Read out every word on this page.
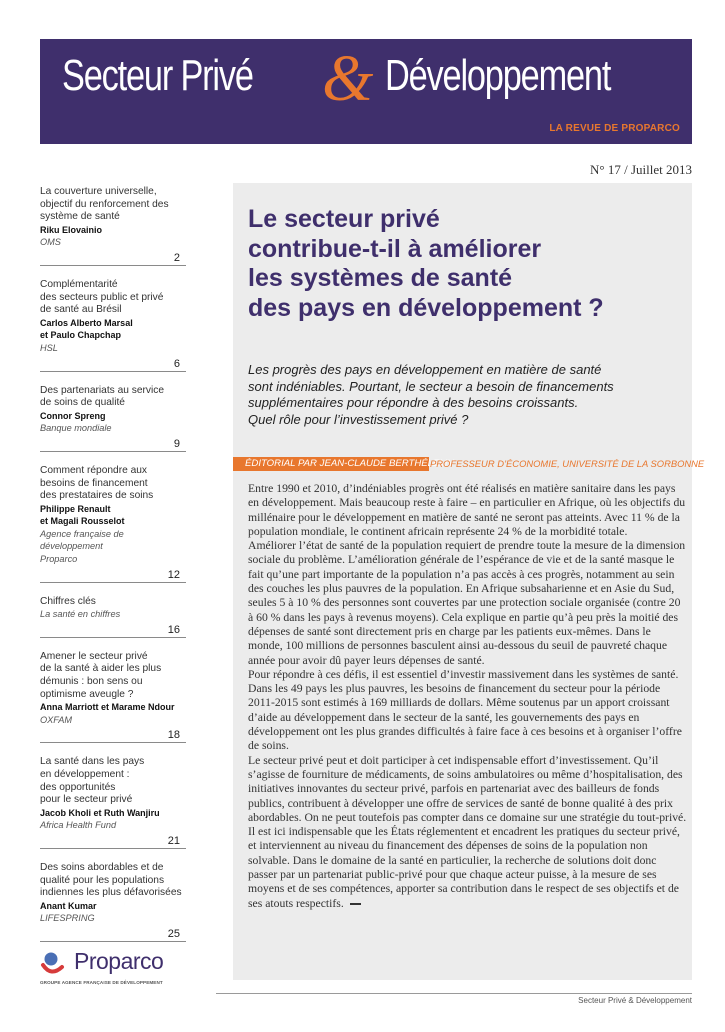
Secteur Privé & Développement
LA REVUE DE PROPARCO
N° 17 / Juillet 2013
La couverture universelle,
objectif du renforcement des
système de santé
Riku Elovainio
OMS
2
Complémentarité
des secteurs public et privé
de santé au Brésil
Carlos Alberto Marsal
et Paulo Chapchap
HSL
6
Des partenariats au service
de soins de qualité
Connor Spreng
Banque mondiale
9
Comment répondre aux
besoins de financement
des prestataires de soins
Philippe Renault
et Magali Rousselot
Agence française de développement
Proparco
12
Chiffres clés
La santé en chiffres
16
Amener le secteur privé
de la santé à aider les plus
démunis : bon sens ou
optimisme aveugle ?
Anna Marriott et Marame Ndour
OXFAM
18
La santé dans les pays
en développement :
des opportunités
pour le secteur privé
Jacob Kholi et Ruth Wanjiru
Africa Health Fund
21
Des soins abordables et de
qualité pour les populations
indiennes les plus défavorisées
Anant Kumar
LIFESPRING
25
Proparco
GROUPE AGENCE FRANÇAISE DE DÉVELOPPEMENT
Le secteur privé
contribue-t-il à améliorer
les systèmes de santé
des pays en développement ?
Les progrès des pays en développement en matière de santé
sont indéniables. Pourtant, le secteur a besoin de financements
supplémentaires pour répondre à des besoins croissants.
Quel rôle pour l’investissement privé ?
ÉDITORIAL PAR JEAN-CLAUDE BERTHÉLEMY
PROFESSEUR D’ÉCONOMIE, UNIVERSITÉ DE LA SORBONNE

Entre 1990 et 2010, d’indéniables progrès ont été réalisés en matière sanitaire dans les pays en développement. Mais beaucoup reste à faire – en particulier en Afrique, où les objectifs du millénaire pour le développement en matière de santé ne seront pas atteints. Avec 11 % de la population mondiale, le continent africain représente 24 % de la morbidité totale.

Améliorer l’état de santé de la population requiert de prendre toute la mesure de la dimension sociale du problème. L’amélioration générale de l’espérance de vie et de la santé masque le fait qu’une part importante de la population n’a pas accès à ces progrès, notamment au sein des couches les plus pauvres de la population. En Afrique subsaharienne et en Asie du Sud, seules 5 à 10 % des personnes sont couvertes par une protection sociale organisée (contre 20 à 60 % dans les pays à revenus moyens). Cela explique en partie qu’à peu près la moitié des dépenses de santé sont directement pris en charge par les patients eux-mêmes. Dans le monde, 100 millions de personnes basculent ainsi au-dessous du seuil de pauvreté chaque année pour avoir dû payer leurs dépenses de santé.

Pour répondre à ces défis, il est essentiel d’investir massivement dans les systèmes de santé. Dans les 49 pays les plus pauvres, les besoins de financement du secteur pour la période 2011-2015 sont estimés à 169 milliards de dollars. Même soutenus par un apport croissant d’aide au développement dans le secteur de la santé, les gouvernements des pays en développement ont les plus grandes difficultés à faire face à ces besoins et à organiser l’offre de soins.

Le secteur privé peut et doit participer à cet indispensable effort d’investissement. Qu’il s’agisse de fourniture de médicaments, de soins ambulatoires ou même d’hospitalisation, des initiatives innovantes du secteur privé, parfois en partenariat avec des bailleurs de fonds publics, contribuent à développer une offre de services de santé de bonne qualité à des prix abordables. On ne peut toutefois pas compter dans ce domaine sur une stratégie du tout-privé. Il est ici indispensable que les États réglementent et encadrent les pratiques du secteur privé, et interviennent au niveau du financement des dépenses de soins de la population non solvable. Dans le domaine de la santé en particulier, la recherche de solutions doit donc passer par un partenariat public-privé pour que chaque acteur puisse, à la mesure de ses moyens et de ses compétences, apporter sa contribution dans le respect de ses objectifs et de ses atouts respectifs.

Secteur Privé & Développement
